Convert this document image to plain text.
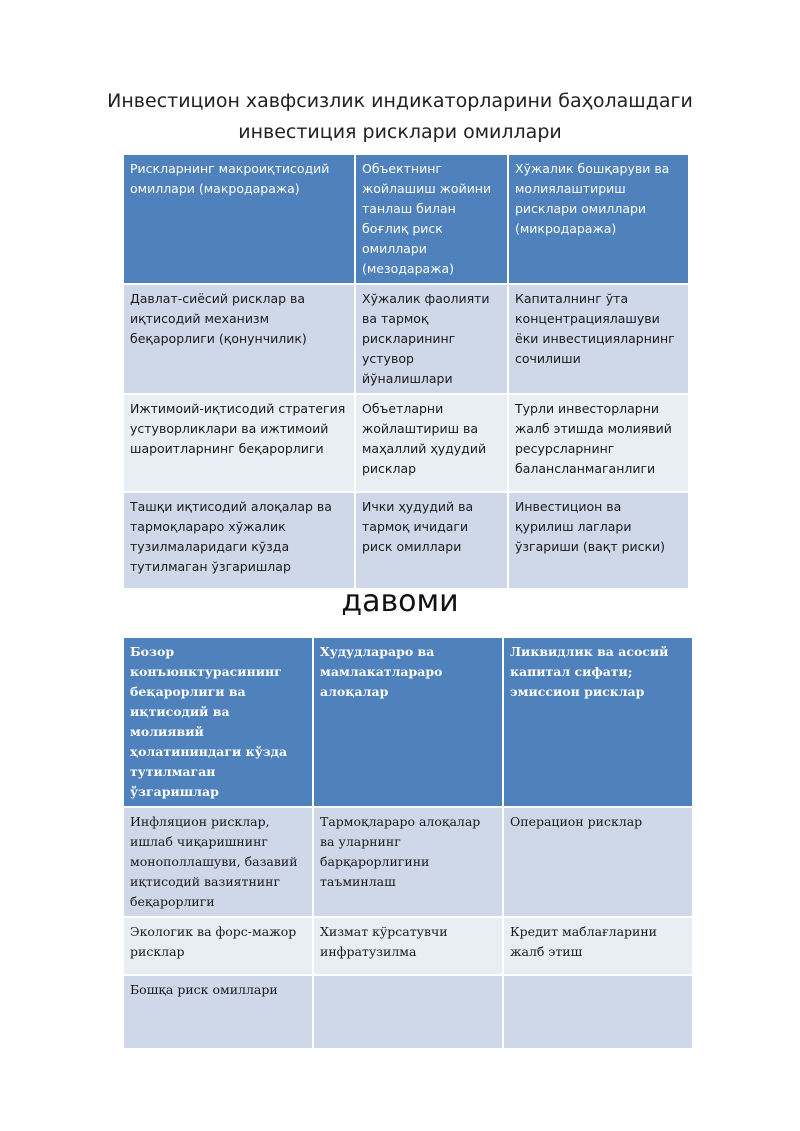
Инвестицион хавфсизлик индикаторларини баҳолашдаги
инвестиция рисклари омиллари
Рискларнинг макроиқтисодий омиллари (макродаража)	Объектнинг жойлашиш жойини танлаш билан боғлиқ риск омиллари (мезодаража)	Хўжалик бошқаруви ва молиялаштириш рисклари омиллари (микродаража)
Давлат-сиёсий рисклар ва иқтисодий механизм беқарорлиги (қонунчилик)	Хўжалик фаолияти ва тармоқ рискларининг устувор йўналишлари	Капиталнинг ўта концентрациялашуви ёки инвестицияларнинг сочилиши
Ижтимоий-иқтисодий стратегия устуворликлари ва ижтимоий шароитларнинг беқарорлиги	Объетларни жойлаштириш ва маҳаллий ҳудудий рисклар	Турли инвесторларни жалб этишда молиявий ресурсларнинг балансланмаганлиги
Ташқи иқтисодий алоқалар ва тармоқлараро хўжалик тузилмаларидаги кўзда тутилмаган ўзгаришлар	Ички ҳудудий ва тармоқ ичидаги риск омиллари	Инвестицион ва қурилиш лаглари ўзгариши (вақт риски)
давоми
Бозор конъюнктурасининг беқарорлиги ва иқтисодий ва молиявий ҳолатининдаги кўзда тутилмаган ўзгаришлар	Худудлараро ва мамлакатлараро алоқалар	Ликвидлик ва асосий капитал сифати; эмиссион рисклар
Инфляцион рисклар, ишлаб чиқаришнинг монополлашуви, базавий иқтисодий вазиятнинг беқарорлиги	Тармоқлараро алоқалар ва уларнинг барқарорлигини таъминлаш	Операцион рисклар
Экологик ва форс-мажор рисклар	Хизмат кўрсатувчи инфратузилма	Кредит маблағларини жалб этиш
Бошқа риск омиллари		
